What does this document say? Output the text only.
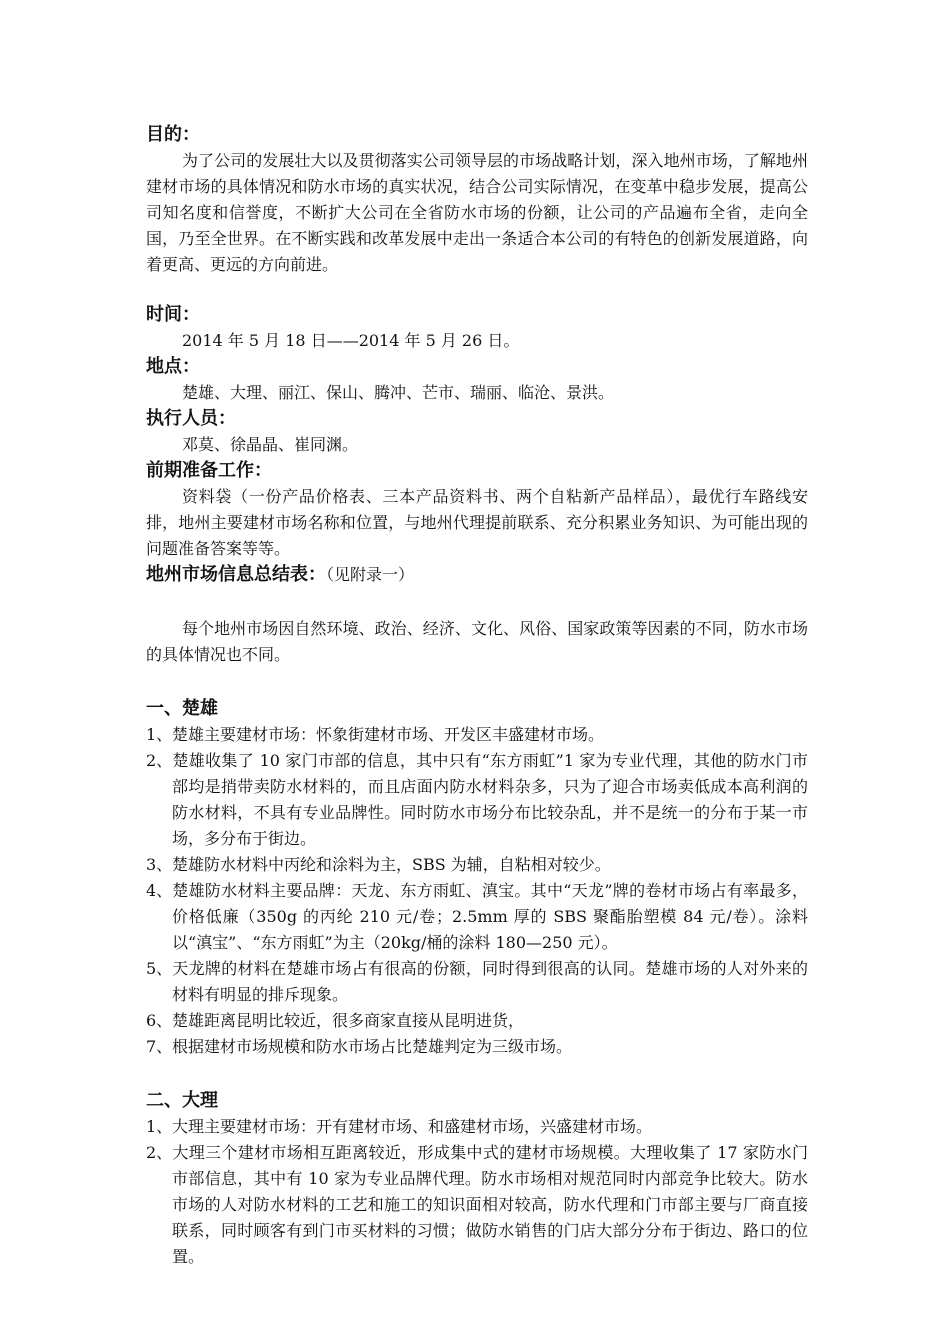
目的：

为了公司的发展壮大以及贯彻落实公司领导层的市场战略计划，深入地州市场，了解地州建材市场的具体情况和防水市场的真实状况，结合公司实际情况，在变革中稳步发展，提高公司知名度和信誉度，不断扩大公司在全省防水市场的份额，让公司的产品遍布全省，走向全国，乃至全世界。在不断实践和改革发展中走出一条适合本公司的有特色的创新发展道路，向着更高、更远的方向前进。

时间：

2014 年 5 月 18 日——2014 年 5 月 26 日。

地点：

楚雄、大理、丽江、保山、腾冲、芒市、瑞丽、临沧、景洪。

执行人员：

邓莫、徐晶晶、崔同渊。

前期准备工作：

资料袋（一份产品价格表、三本产品资料书、两个自粘新产品样品），最优行车路线安排，地州主要建材市场名称和位置，与地州代理提前联系、充分积累业务知识、为可能出现的问题准备答案等等。

地州市场信息总结表：（见附录一）

每个地州市场因自然环境、政治、经济、文化、风俗、国家政策等因素的不同，防水市场的具体情况也不同。

一、楚雄

1、楚雄主要建材市场：怀象街建材市场、开发区丰盛建材市场。
2、楚雄收集了 10 家门市部的信息，其中只有“东方雨虹”1 家为专业代理，其他的防水门市部均是捎带卖防水材料的，而且店面内防水材料杂多，只为了迎合市场卖低成本高利润的防水材料，不具有专业品牌性。同时防水市场分布比较杂乱，并不是统一的分布于某一市场，多分布于街边。
3、楚雄防水材料中丙纶和涂料为主，SBS 为辅，自粘相对较少。
4、楚雄防水材料主要品牌：天龙、东方雨虹、滇宝。其中“天龙”牌的卷材市场占有率最多，价格低廉（350g 的丙纶 210 元/卷；2.5mm 厚的 SBS 聚酯胎塑模 84 元/卷）。涂料以“滇宝”、“东方雨虹”为主（20kg/桶的涂料 180—250 元）。
5、天龙牌的材料在楚雄市场占有很高的份额，同时得到很高的认同。楚雄市场的人对外来的材料有明显的排斥现象。
6、楚雄距离昆明比较近，很多商家直接从昆明进货，
7、根据建材市场规模和防水市场占比楚雄判定为三级市场。

二、大理

1、大理主要建材市场：开有建材市场、和盛建材市场，兴盛建材市场。
2、大理三个建材市场相互距离较近，形成集中式的建材市场规模。大理收集了 17 家防水门市部信息，其中有 10 家为专业品牌代理。防水市场相对规范同时内部竞争比较大。防水市场的人对防水材料的工艺和施工的知识面相对较高，防水代理和门市部主要与厂商直接联系，同时顾客有到门市买材料的习惯；做防水销售的门店大部分分布于街边、路口的位置。
